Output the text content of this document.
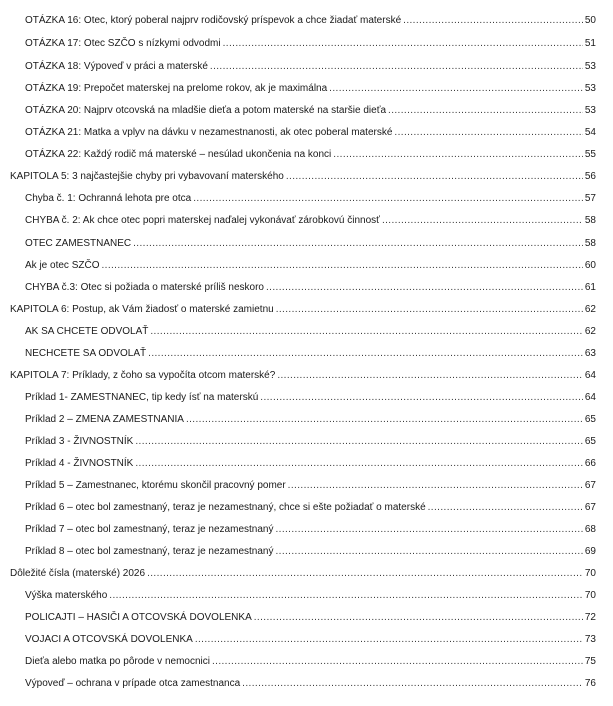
OTÁZKA 16: Otec, ktorý poberal najprv rodičovský príspevok a chce žiadať materské .....	50
OTÁZKA 17: Otec SZČO s nízkymi odvodmi .....	51
OTÁZKA 18: Výpoveď v práci a materské .....	53
OTÁZKA 19: Prepočet materskej na prelome rokov, ak je maximálna .....	53
OTÁZKA 20: Najprv otcovská na mladšie dieťa a potom materské na staršie dieťa .....	53
OTÁZKA 21: Matka a vplyv na dávku v nezamestnanosti, ak otec poberal materské .....	54
OTÁZKA 22: Každý rodič má materské – nesúlad ukončenia na konci .....	55
KAPITOLA 5: 3 najčastejšie chyby pri vybavovaní materského .....	56
Chyba č. 1: Ochranná lehota pre otca .....	57
CHYBA č. 2: Ak chce otec popri materskej naďalej vykonávať zárobkovú činnosť .....	58
OTEC ZAMESTNANEC .....	58
Ak je otec SZČO .....	60
CHYBA č.3: Otec si požiada o materské príliš neskoro .....	61
KAPITOLA 6: Postup, ak Vám žiadosť o materské zamietnu .....	62
AK SA CHCETE ODVOLAŤ .....	62
NECHCETE SA ODVOLAŤ .....	63
KAPITOLA 7: Príklady, z čoho sa vypočíta otcom materské? .....	64
Príklad 1- ZAMESTNANEC, tip kedy ísť na materskú .....	64
Príklad 2 – ZMENA ZAMESTNANIA .....	65
Príklad 3 - ŽIVNOSTNÍK .....	65
Príklad 4 - ŽIVNOSTNÍK .....	66
Príklad 5 – Zamestnanec, ktorému skončil pracovný pomer .....	67
Príklad 6 – otec bol zamestnaný, teraz je nezamestnaný, chce si ešte požiadať o materské .....	67
Príklad 7 – otec bol zamestnaný, teraz je nezamestnaný .....	68
Príklad 8 – otec bol zamestnaný, teraz je nezamestnaný .....	69
Dôležité čísla (materské) 2026 .....	70
Výška materského .....	70
POLICAJTI – HASIČI A OTCOVSKÁ DOVOLENKA .....	72
VOJACI A OTCOVSKÁ DOVOLENKA .....	73
Dieťa alebo matka po pôrode v nemocnici .....	75
Výpoveď – ochrana v prípade otca zamestnanca .....	76
